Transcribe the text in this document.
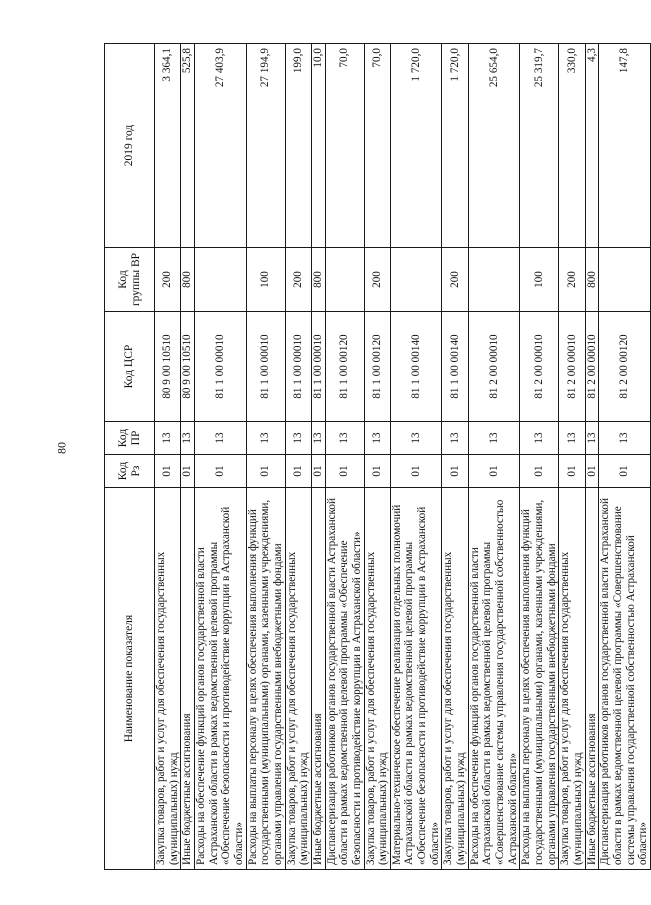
80
Наименование показателя	Код Рз	Код ПР	Код ЦСР	Код группы ВР	2019 год
Закупка товаров, работ и услуг для обеспечения государственных (муниципальных) нужд	01	13	80 9 00 10510	200	3 364,1
Иные бюджетные ассигнования	01	13	80 9 00 10510	800	525,8
Расходы на обеспечение функций органов государственной власти Астраханской области в рамках ведомственной целевой программы «Обеспечение безопасности и противодействие коррупции в Астраханской области»	01	13	81 1 00 00010		27 403,9
Расходы на выплаты персоналу в целях обеспечения выполнения функций государственными (муниципальными) органами, казенными учреждениями, органами управления государственными внебюджетными фондами	01	13	81 1 00 00010	100	27 194,9
Закупка товаров, работ и услуг для обеспечения государственных (муниципальных) нужд	01	13	81 1 00 00010	200	199,0
Иные бюджетные ассигнования	01	13	81 1 00 00010	800	10,0
Диспансеризация работников органов государственной власти Астраханской области в рамках ведомственной целевой программы «Обеспечение безопасности и противодействие коррупции в Астраханской области»	01	13	81 1 00 00120		70,0
Закупка товаров, работ и услуг для обеспечения государственных (муниципальных) нужд	01	13	81 1 00 00120	200	70,0
Материально-техническое обеспечение реализации отдельных полномочий Астраханской области в рамках ведомственной целевой программы «Обеспечение безопасности и противодействие коррупции в Астраханской области»	01	13	81 1 00 00140		1 720,0
Закупка товаров, работ и услуг для обеспечения государственных (муниципальных) нужд	01	13	81 1 00 00140	200	1 720,0
Расходы на обеспечение функций органов государственной власти Астраханской области в рамках ведомственной целевой программы «Совершенствование системы управления государственной собственностью Астраханской области»	01	13	81 2 00 00010		25 654,0
Расходы на выплаты персоналу в целях обеспечения выполнения функций государственными (муниципальными) органами, казенными учреждениями, органами управления государственными внебюджетными фондами	01	13	81 2 00 00010	100	25 319,7
Закупка товаров, работ и услуг для обеспечения государственных (муниципальных) нужд	01	13	81 2 00 00010	200	330,0
Иные бюджетные ассигнования	01	13	81 2 00 00010	800	4,3
Диспансеризация работников органов государственной власти Астраханской области в рамках ведомственной целевой программы «Совершенствование системы управления государственной собственностью Астраханской области»	01	13	81 2 00 00120		147,8
